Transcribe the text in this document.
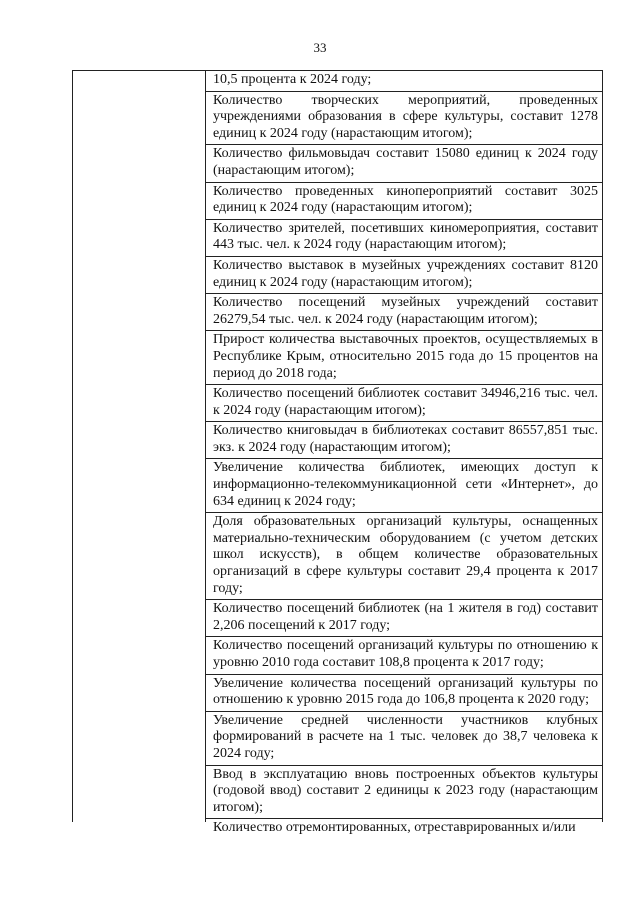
33
10,5 процента к 2024 году;
Количество творческих мероприятий, проведенных учреждениями образования в сфере культуры, составит 1278 единиц к 2024 году (нарастающим итогом);
Количество фильмовыдач составит 15080 единиц к 2024 году (нарастающим итогом);
Количество проведенных кинопероприятий составит 3025 единиц к 2024 году (нарастающим итогом);
Количество зрителей, посетивших киномероприятия, составит 443 тыс. чел. к 2024 году (нарастающим итогом);
Количество выставок в музейных учреждениях составит 8120 единиц к 2024 году (нарастающим итогом);
Количество посещений музейных учреждений составит 26279,54 тыс. чел. к 2024 году (нарастающим итогом);
Прирост количества выставочных проектов, осуществляемых в Республике Крым, относительно 2015 года до 15 процентов на период до 2018 года;
Количество посещений библиотек составит 34946,216 тыс. чел. к 2024 году (нарастающим итогом);
Количество книговыдач в библиотеках составит 86557,851 тыс. экз. к 2024 году (нарастающим итогом);
Увеличение количества библиотек, имеющих доступ к информационно-телекоммуникационной сети «Интернет», до 634 единиц к 2024 году;
Доля образовательных организаций культуры, оснащенных материально-техническим оборудованием (с учетом детских школ искусств), в общем количестве образовательных организаций в сфере культуры составит 29,4 процента к 2017 году;
Количество посещений библиотек (на 1 жителя в год) составит 2,206 посещений к 2017 году;
Количество посещений организаций культуры по отношению к уровню 2010 года составит 108,8 процента к 2017 году;
Увеличение количества посещений организаций культуры по отношению к уровню 2015 года до 106,8 процента к 2020 году;
Увеличение средней численности участников клубных формирований в расчете на 1 тыс. человек до 38,7 человека к 2024 году;
Ввод в эксплуатацию вновь построенных объектов культуры (годовой ввод) составит 2 единицы к 2023 году (нарастающим итогом);
Количество отремонтированных, отреставрированных и/или
